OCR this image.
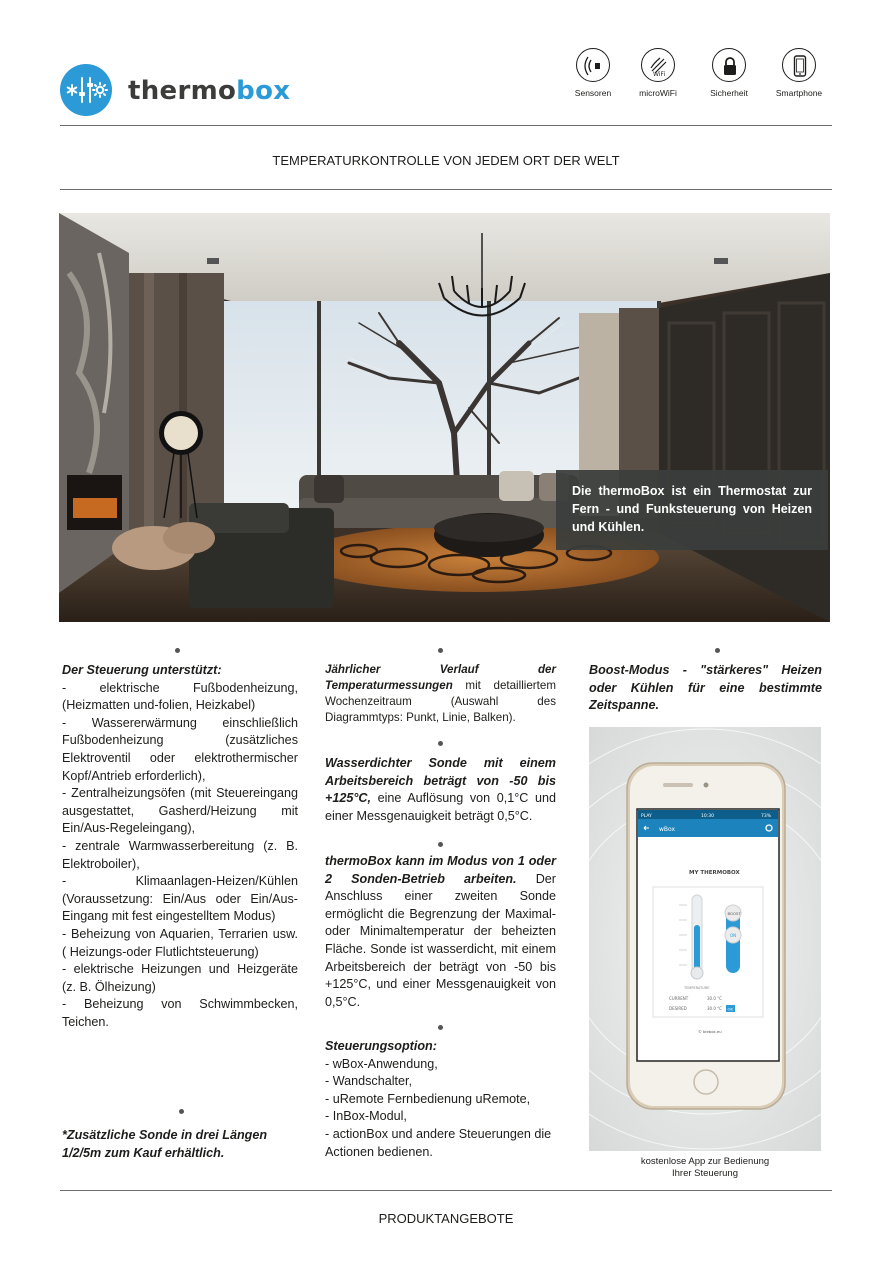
thermobox	Sensoren
WiFi
microWiFi	Sicherheit	Smartphone
TEMPERATURKONTROLLE VON JEDEM ORT DER WELT
Die thermoBox ist ein Thermostat zur Fern - und Funksteuerung von Heizen und Kühlen.

Der Steuerung unterstützt:

- elektrische Fußbodenheizung,(Heizmatten und-folien, Heizkabel)

- Wassererwärmung einschließlich Fußbodenheizung (zusätzliches Elektroventil oder elektrothermischer Kopf/Antrieb erforderlich),

- Zentralheizungsöfen (mit Steuereingang ausgestattet, Gasherd/Heizung mit Ein/Aus-Regeleingang),

- zentrale Warmwasserbereitung (z. B. Elektroboiler),

- Klimaanlagen-Heizen/Kühlen (Voraussetzung: Ein/Aus oder Ein/Aus-Eingang mit fest eingestelltem Modus)

- Beheizung von Aquarien, Terrarien usw. ( Heizungs-oder Flutlichtsteuerung)

- elektrische Heizungen und Heizgeräte (z. B. Ölheizung)

- Beheizung von Schwimmbecken, Teichen.

*Zusätzliche Sonde in drei Längen 1/2/5m zum Kauf erhältlich.

Jährlicher Verlauf der Temperaturmessungen mit detailliertem Wochenzeitraum (Auswahl des Diagrammtyps: Punkt, Linie, Balken).

Wasserdichter Sonde mit einem Arbeitsbereich beträgt von -50 bis +125°C, eine Auflösung von 0,1°C und einer Messgenauigkeit beträgt 0,5°C.

thermoBox kann im Modus von 1 oder 2 Sonden-Betrieb arbeiten. Der Anschluss einer zweiten Sonde ermöglicht die Begrenzung der Maximal- oder Minimaltemperatur der beheizten Fläche. Sonde ist wasserdicht, mit einem Arbeitsbereich der beträgt von -50 bis +125°C, und einer Messgenauigkeit von 0,5°C.

Steuerungsoption:

- wBox-Anwendung,

- Wandschalter,

- uRemote Fernbedienung uRemote,

- InBox-Modul,

- actionBox und andere Steuerungen die Actionen bedienen.

Boost-Modus - "stärkeres" Heizen oder Kühlen für eine bestimmte Zeitspanne.
PLAY	10:30	73%
wBox
MY THERMOBOX
BOOST
ON
TEMPERATURE
CURRENT	30.0 °C
DESIRED	30.0 °C OK
© blebox.eu
kostenlose App zur Bedienung
Ihrer Steuerung
PRODUKTANGEBOTE
